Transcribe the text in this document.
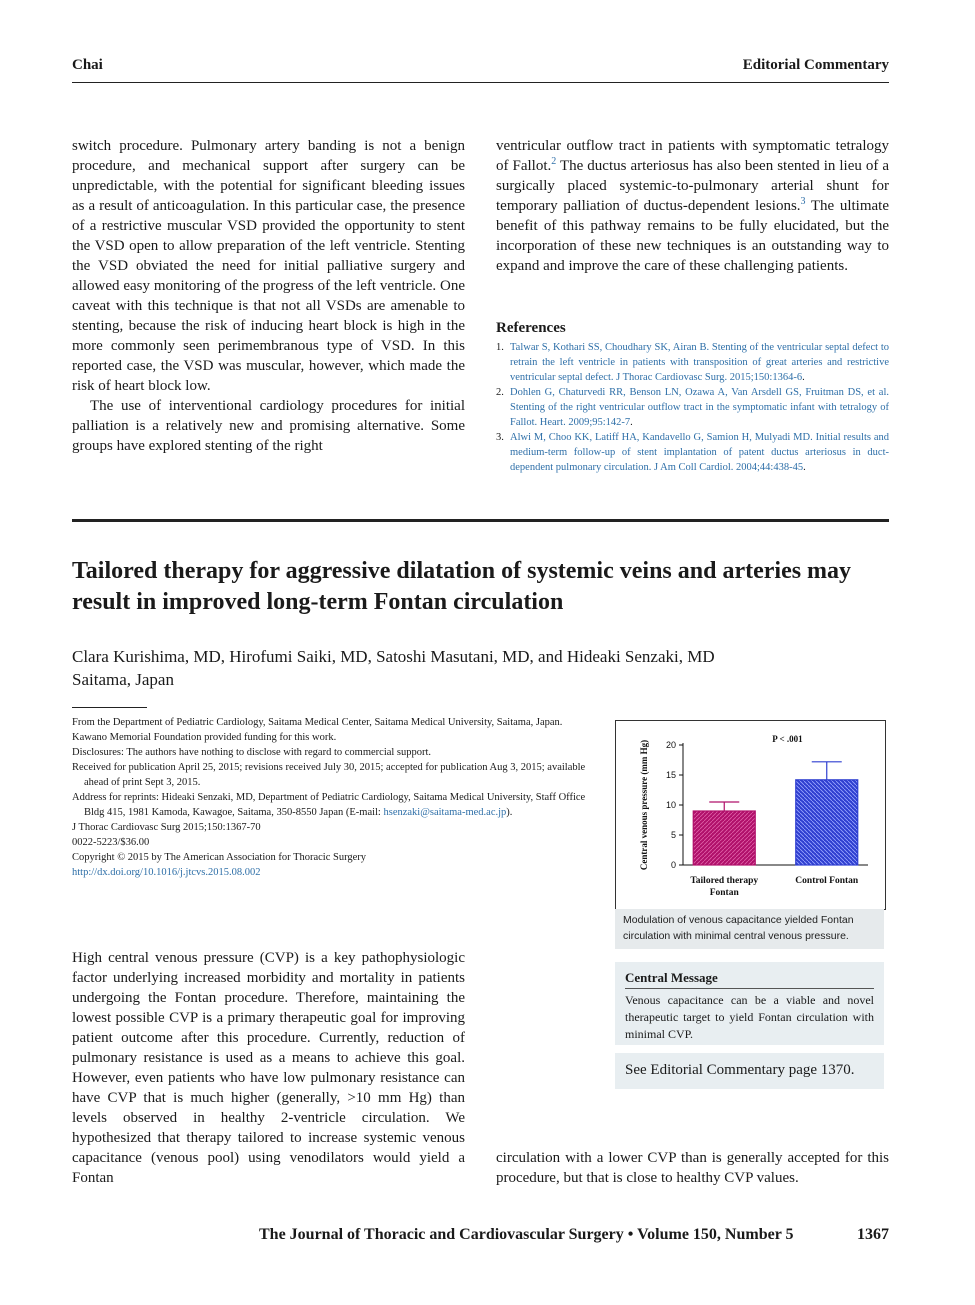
Chai	Editorial Commentary

switch procedure. Pulmonary artery banding is not a benign procedure, and mechanical support after surgery can be unpredictable, with the potential for significant bleeding issues as a result of anticoagulation. In this particular case, the presence of a restrictive muscular VSD provided the opportunity to stent the VSD open to allow preparation of the left ventricle. Stenting the VSD obviated the need for initial palliative surgery and allowed easy monitoring of the progress of the left ventricle. One caveat with this technique is that not all VSDs are amenable to stenting, because the risk of inducing heart block is high in the more commonly seen perimembranous type of VSD. In this reported case, the VSD was muscular, however, which made the risk of heart block low.

The use of interventional cardiology procedures for initial palliation is a relatively new and promising alternative. Some groups have explored stenting of the right

ventricular outflow tract in patients with symptomatic tetralogy of Fallot.$^2$ The ductus arteriosus has also been stented in lieu of a surgically placed systemic-to-pulmonary arterial shunt for temporary palliation of ductus-dependent lesions.$^3$ The ultimate benefit of this pathway remains to be fully elucidated, but the incorporation of these new techniques is an outstanding way to expand and improve the care of these challenging patients.

References
1. Talwar S, Kothari SS, Choudhary SK, Airan B. Stenting of the ventricular septal defect to retrain the left ventricle in patients with transposition of great arteries and restrictive ventricular septal defect. J Thorac Cardiovasc Surg. 2015;150:1364-6.
2. Dohlen G, Chaturvedi RR, Benson LN, Ozawa A, Van Arsdell GS, Fruitman DS, et al. Stenting of the right ventricular outflow tract in the symptomatic infant with tetralogy of Fallot. Heart. 2009;95:142-7.
3. Alwi M, Choo KK, Latiff HA, Kandavello G, Samion H, Mulyadi MD. Initial results and medium-term follow-up of stent implantation of patent ductus arteriosus in duct-dependent pulmonary circulation. J Am Coll Cardiol. 2004;44:438-45.
Tailored therapy for aggressive dilatation of systemic veins and arteries may result in improved long-term Fontan circulation
Clara Kurishima, MD, Hirofumi Saiki, MD, Satoshi Masutani, MD, and Hideaki Senzaki, MD
Saitama, Japan
From the Department of Pediatric Cardiology, Saitama Medical Center, Saitama Medical University, Saitama, Japan.
Kawano Memorial Foundation provided funding for this work.
Disclosures: The authors have nothing to disclose with regard to commercial support.
Received for publication April 25, 2015; revisions received July 30, 2015; accepted for publication Aug 3, 2015; available ahead of print Sept 3, 2015.
Address for reprints: Hideaki Senzaki, MD, Department of Pediatric Cardiology, Saitama Medical University, Staff Office Bldg 415, 1981 Kamoda, Kawagoe, Saitama, 350-8550 Japan (E-mail: hsenzaki@saitama-med.ac.jp).
J Thorac Cardiovasc Surg 2015;150:1367-70
0022-5223/$36.00
Copyright © 2015 by The American Association for Thoracic Surgery
http://dx.doi.org/10.1016/j.jtcvs.2015.08.002
0
5
10
15
20
Central venous pressure (mm Hg)
P < .001
Tailored therapy
Fontan
Control Fontan
Modulation of venous capacitance yielded Fontan circulation with minimal central venous pressure.
Central Message
Venous capacitance can be a viable and novel therapeutic target to yield Fontan circulation with minimal CVP.
See Editorial Commentary page 1370.

High central venous pressure (CVP) is a key pathophysiologic factor underlying increased morbidity and mortality in patients undergoing the Fontan procedure. Therefore, maintaining the lowest possible CVP is a primary therapeutic goal for improving patient outcome after this procedure. Currently, reduction of pulmonary resistance is used as a means to achieve this goal. However, even patients who have low pulmonary resistance can have CVP that is much higher (generally, >10 mm Hg) than levels observed in healthy 2-ventricle circulation. We hypothesized that therapy tailored to increase systemic venous capacitance (venous pool) using venodilators would yield a Fontan

circulation with a lower CVP than is generally accepted for this procedure, but that is close to healthy CVP values.

The Journal of Thoracic and Cardiovascular Surgery • Volume 150, Number 5	1367
